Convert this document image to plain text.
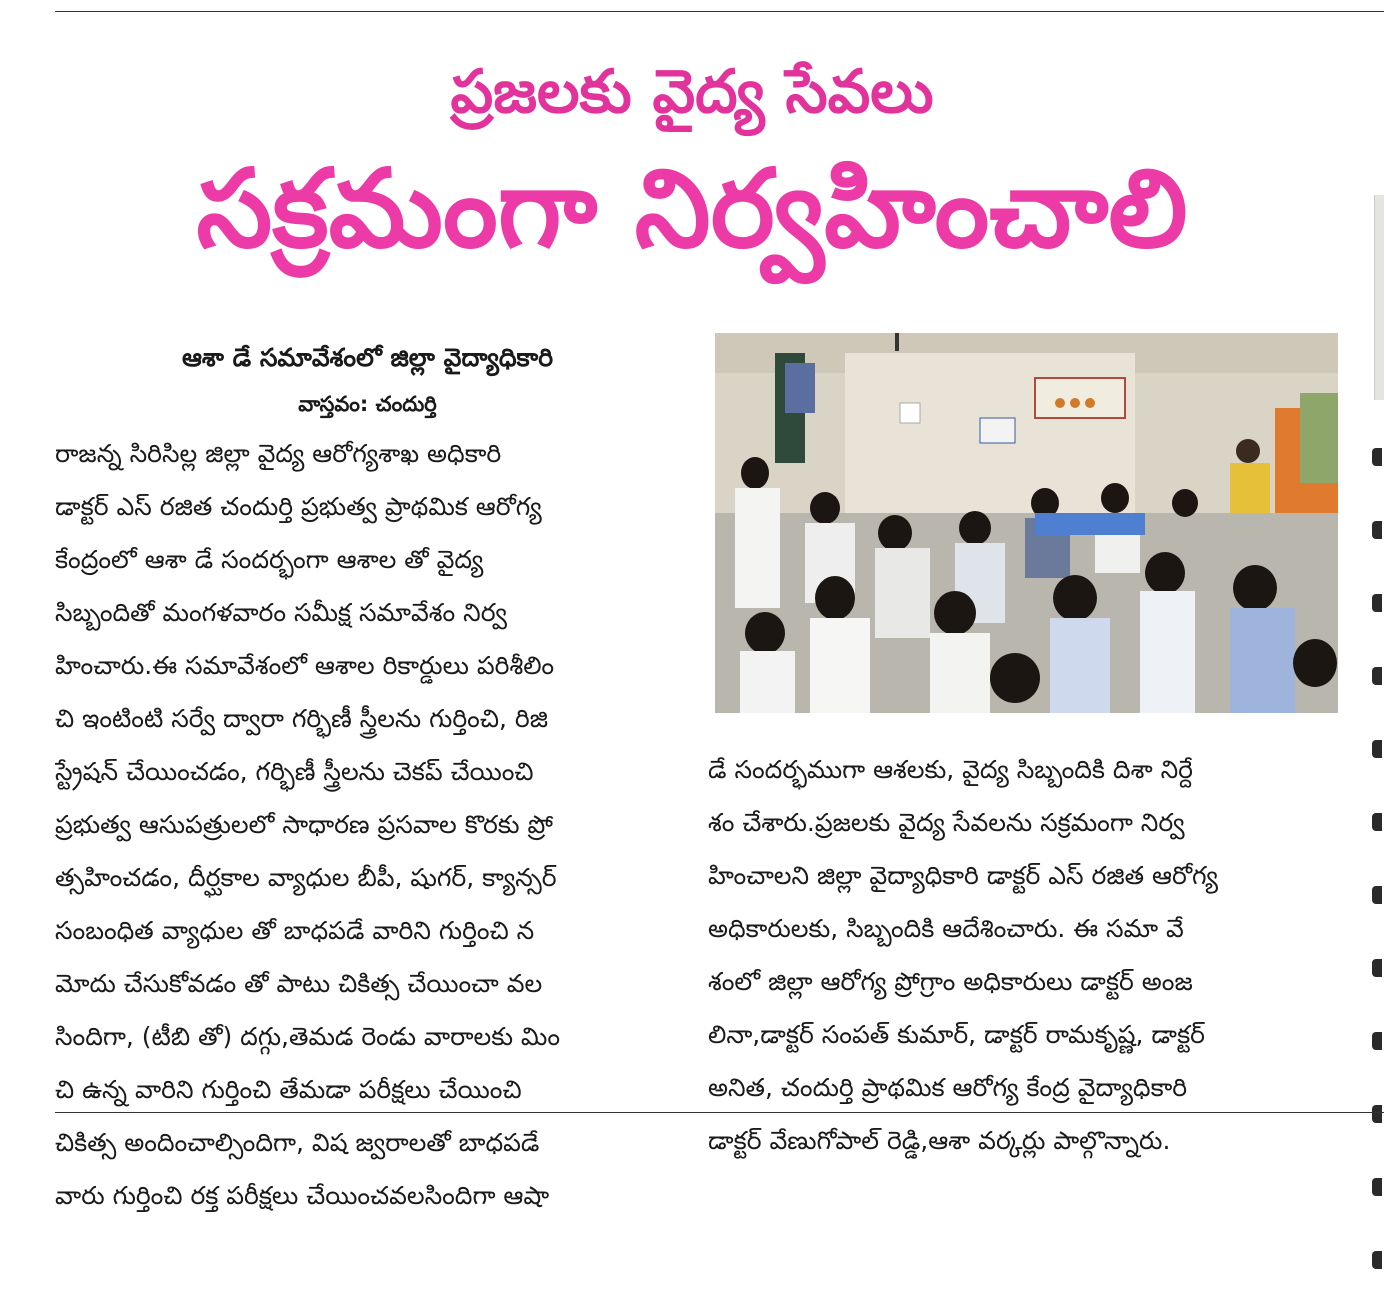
ప్రజలకు వైద్య సేవలు
సక్రమంగా నిర్వహించాలి
ఆశా డే సమావేశంలో జిల్లా వైద్యాధికారి
వాస్తవం: చందుర్తి
రాజన్న సిరిసిల్ల జిల్లా వైద్య ఆరోగ్యశాఖ అధికారి
డాక్టర్ ఎస్ రజిత చందుర్తి ప్రభుత్వ ప్రాథమిక ఆరోగ్య
కేంద్రంలో ఆశా డే సందర్భంగా ఆశాల తో వైద్య
సిబ్బందితో మంగళవారం సమీక్ష సమావేశం నిర్వ
హించారు.ఈ సమావేశంలో ఆశాల రికార్డులు పరిశీలిం
చి ఇంటింటి సర్వే ద్వారా గర్భిణీ స్త్రీలను గుర్తించి, రిజి
స్ట్రేషన్ చేయించడం, గర్భిణీ స్త్రీలను చెకప్ చేయించి
ప్రభుత్వ ఆసుపత్రులలో సాధారణ ప్రసవాల కొరకు ప్రో
త్సహించడం, దీర్ఘకాల వ్యాధుల బీపీ, షుగర్, క్యాన్సర్
సంబంధిత వ్యాధుల తో బాధపడే వారిని గుర్తించి న
మోదు చేసుకోవడం తో పాటు చికిత్స చేయించా వల
సిందిగా, (టీబి తో) దగ్గు,తెమడ రెండు వారాలకు మిం
చి ఉన్న వారిని గుర్తించి తేమడా పరీక్షలు చేయించి
చికిత్స అందించాల్సిందిగా, విష జ్వరాలతో బాధపడే
వారు గుర్తించి రక్త పరీక్షలు చేయించవలసిందిగా ఆషా
డే సందర్భముగా ఆశలకు, వైద్య సిబ్బందికి దిశా నిర్దే
శం చేశారు.ప్రజలకు వైద్య సేవలను సక్రమంగా నిర్వ
హించాలని జిల్లా వైద్యాధికారి డాక్టర్ ఎస్ రజిత ఆరోగ్య
అధికారులకు, సిబ్బందికి ఆదేశించారు. ఈ సమా వే
శంలో జిల్లా ఆరోగ్య ప్రోగ్రాం అధికారులు డాక్టర్ అంజ
లినా,డాక్టర్ సంపత్ కుమార్, డాక్టర్ రామకృష్ణ, డాక్టర్
అనిత, చందుర్తి ప్రాథమిక ఆరోగ్య కేంద్ర వైద్యాధికారి
డాక్టర్ వేణుగోపాల్ రెడ్డి,ఆశా వర్కర్లు పాల్గొన్నారు.
